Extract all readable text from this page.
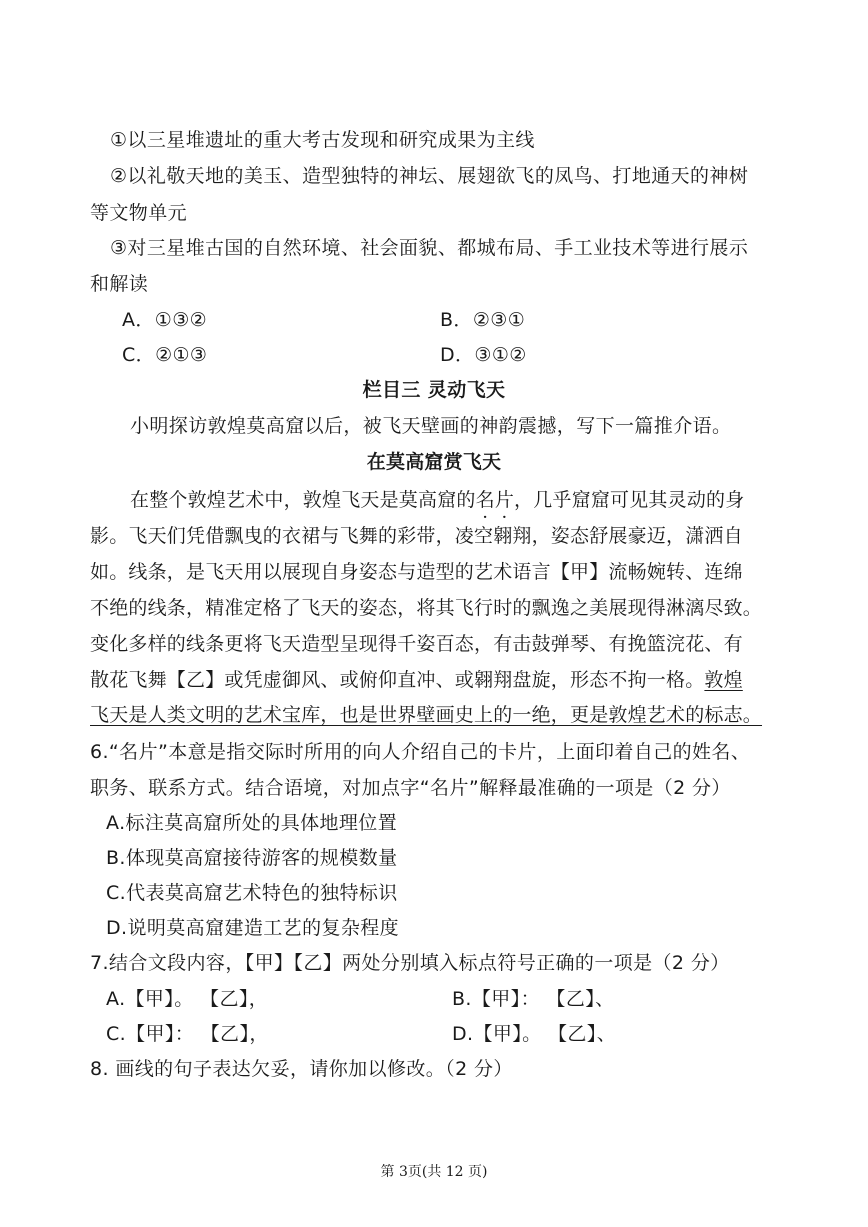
①以三星堆遗址的重大考古发现和研究成果为主线
②以礼敬天地的美玉、造型独特的神坛、展翅欲飞的凤鸟、打地通天的神树
等文物单元
③对三星堆古国的自然环境、社会面貌、都城布局、手工业技术等进行展示
和解读
A．①③②	B．②③①
C．②①③	D．③①②
栏目三 灵动飞天
小明探访敦煌莫高窟以后，被飞天壁画的神韵震撼，写下一篇推介语。
在莫高窟赏飞天
在整个敦煌艺术中，敦煌飞天是莫高窟的名片，几乎窟窟可见其灵动的身
影。飞天们凭借飘曳的衣裙与飞舞的彩带，凌空翱翔，姿态舒展豪迈，潇洒自
如。线条，是飞天用以展现自身姿态与造型的艺术语言【甲】流畅婉转、连绵
不绝的线条，精准定格了飞天的姿态，将其飞行时的飘逸之美展现得淋漓尽致。
变化多样的线条更将飞天造型呈现得千姿百态，有击鼓弹琴、有挽篮浣花、有
散花飞舞【乙】或凭虚御风、或俯仰直冲、或翱翔盘旋，形态不拘一格。敦煌
飞天是人类文明的艺术宝库，也是世界壁画史上的一绝，更是敦煌艺术的标志。
6.“名片”本意是指交际时所用的向人介绍自己的卡片，上面印着自己的姓名、
职务、联系方式。结合语境，对加点字“名片”解释最准确的一项是（2 分）
A.标注莫高窟所处的具体地理位置
B.体现莫高窟接待游客的规模数量
C.代表莫高窟艺术特色的独特标识
D.说明莫高窟建造工艺的复杂程度
7.结合文段内容，【甲】【乙】两处分别填入标点符号正确的一项是（2 分）
A.【甲】。 【乙】，	B.【甲】： 【乙】、
C.【甲】： 【乙】，	D.【甲】。 【乙】、
8. 画线的句子表达欠妥，请你加以修改。（2 分）
第 3页(共 12 页)
